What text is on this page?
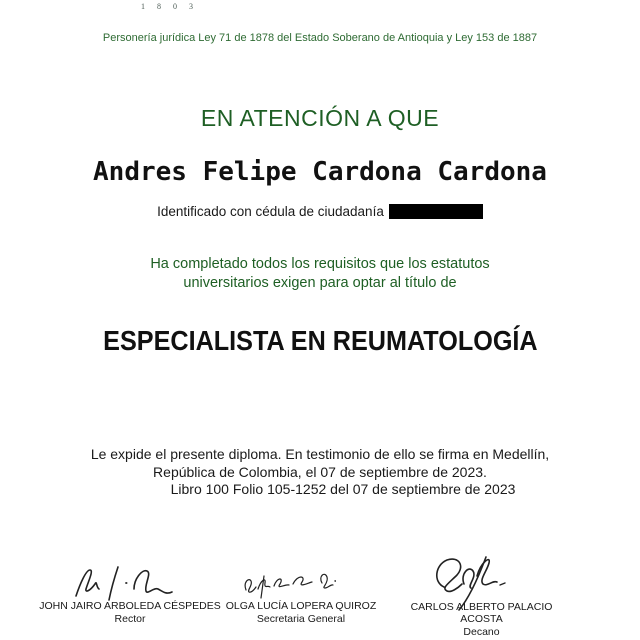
1 8 0 3
Personería jurídica Ley 71 de 1878 del Estado Soberano de Antioquia y Ley 153 de 1887
EN ATENCIÓN A QUE
Andres Felipe Cardona Cardona
Identificado con cédula de ciudadanía
Ha completado todos los requisitos que los estatutos
universitarios exigen para optar al título de
ESPECIALISTA EN REUMATOLOGÍA
Le expide el presente diploma. En testimonio de ello se firma en Medellín,
República de Colombia, el 07 de septiembre de 2023.
Libro 100 Folio 105-1252 del 07 de septiembre de 2023
JOHN JAIRO ARBOLEDA CÉSPEDES
Rector
OLGA LUCÍA LOPERA QUIROZ
Secretaria General
CARLOS ALBERTO PALACIO ACOSTA
Decano
